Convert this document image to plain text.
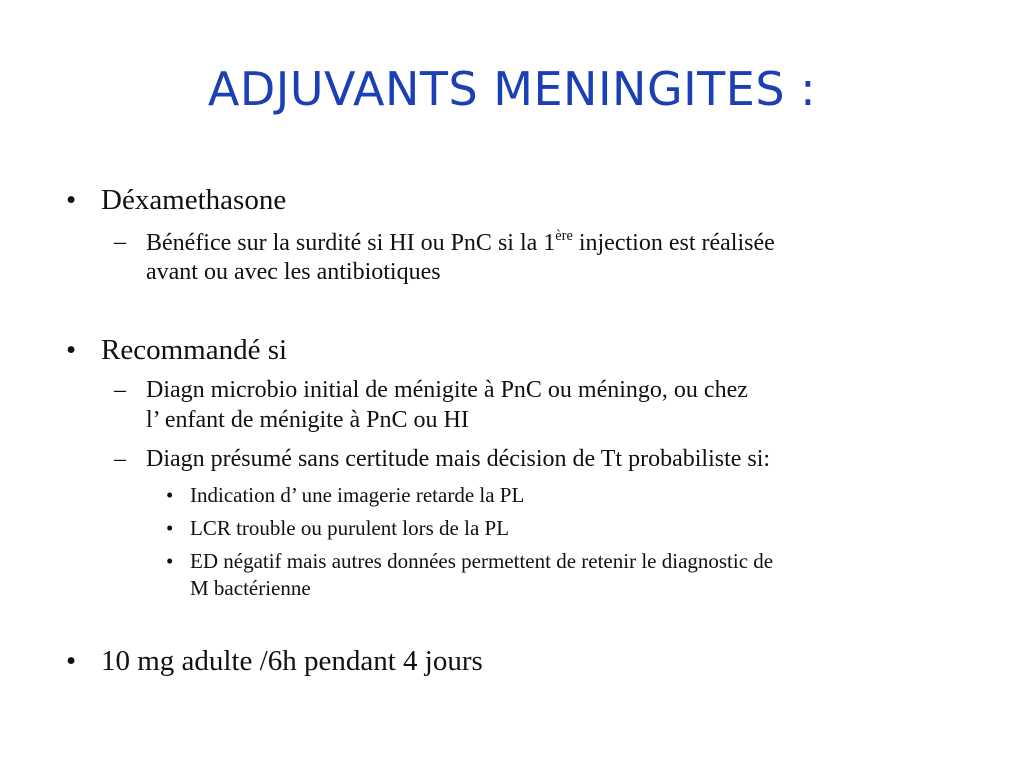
ADJUVANTS MENINGITES :
• Déxamethasone
– Bénéfice sur la surdité si HI ou PnC si la 1ère injection est réalisée
avant ou avec les antibiotiques
• Recommandé si
– Diagn microbio initial de ménigite à PnC ou méningo, ou chez
l’ enfant de ménigite à PnC ou HI
– Diagn présumé sans certitude mais décision de Tt probabiliste si:
• Indication d’ une imagerie retarde la PL
• LCR trouble ou purulent lors de la PL
• ED négatif mais autres données permettent de retenir le diagnostic de
M bactérienne
• 10 mg adulte /6h pendant 4 jours
